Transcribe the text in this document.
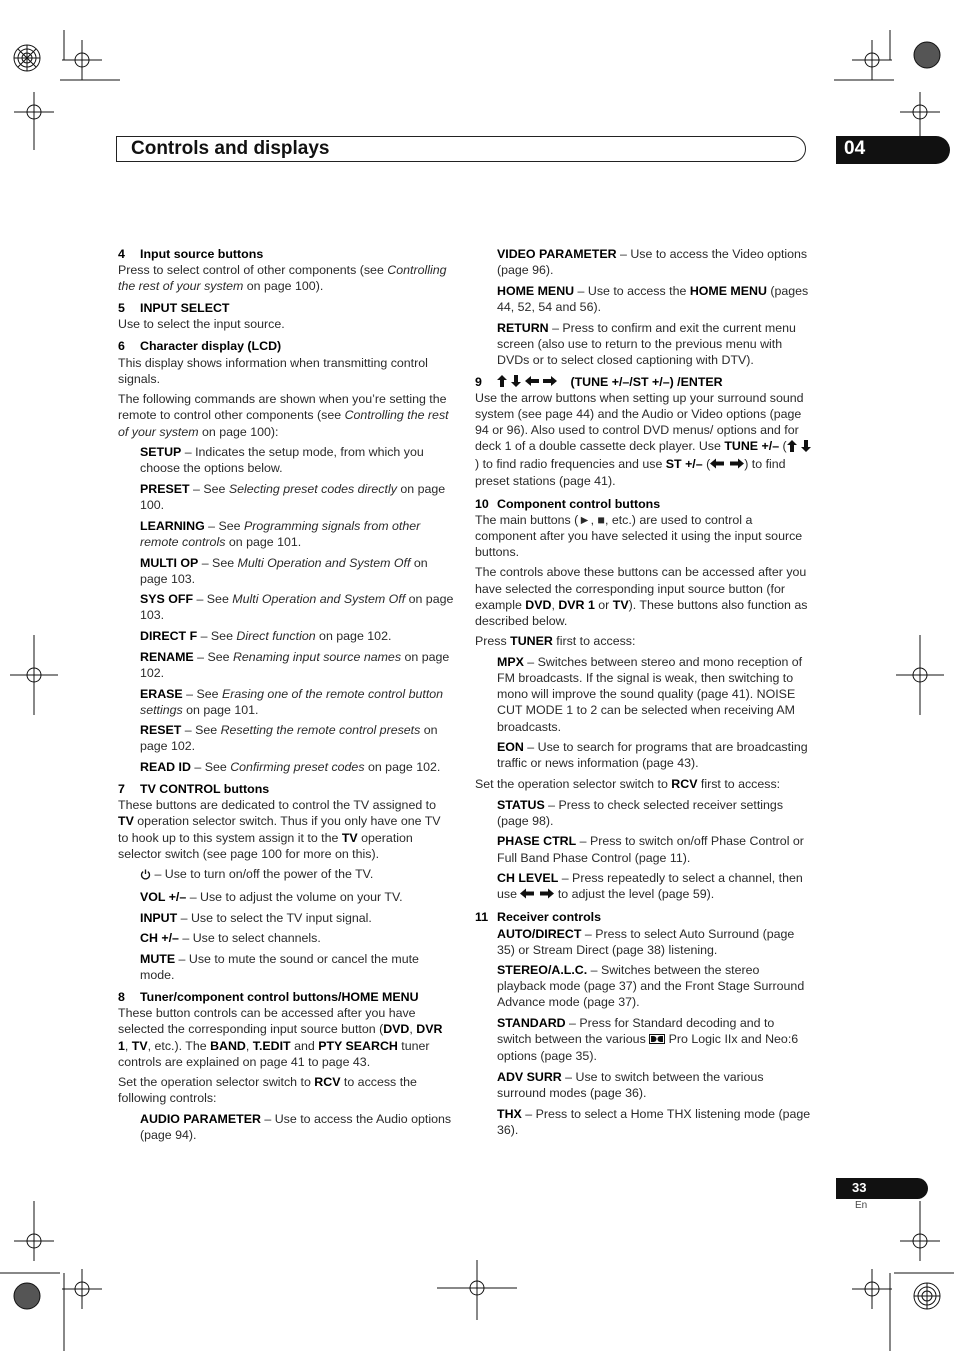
Controls and displays	04

4 Input source buttons

Press to select control of other components (see Controlling the rest of your system on page 100).

5 INPUT SELECT

Use to select the input source.

6 Character display (LCD)

This display shows information when transmitting control signals.

The following commands are shown when you’re setting the remote to control other components (see Controlling the rest of your system on page 100):

SETUP – Indicates the setup mode, from which you choose the options below.

PRESET – See Selecting preset codes directly on page 100.

LEARNING – See Programming signals from other remote controls on page 101.

MULTI OP – See Multi Operation and System Off on page 103.

SYS OFF – See Multi Operation and System Off on page 103.

DIRECT F – See Direct function on page 102.

RENAME – See Renaming input source names on page 102.

ERASE – See Erasing one of the remote control button settings on page 101.

RESET – See Resetting the remote control presets on page 102.

READ ID – See Confirming preset codes on page 102.

7 TV CONTROL buttons

These buttons are dedicated to control the TV assigned to TV operation selector switch. Thus if you only have one TV to hook up to this system assign it to the TV operation selector switch (see page 100 for more on this).

– Use to turn on/off the power of the TV.

VOL +/– – Use to adjust the volume on your TV.

INPUT – Use to select the TV input signal.

CH +/– – Use to select channels.

MUTE – Use to mute the sound or cancel the mute mode.

8 Tuner/component control buttons/HOME MENU

These button controls can be accessed after you have selected the corresponding input source button (DVD, DVR 1, TV, etc.). The BAND, T.EDIT and PTY SEARCH tuner controls are explained on page 41 to page 43.

Set the operation selector switch to RCV to access the following controls:

AUDIO PARAMETER – Use to access the Audio options (page 94).

VIDEO PARAMETER – Use to access the Video options (page 96).

HOME MENU – Use to access the HOME MENU (pages 44, 52, 54 and 56).

RETURN – Press to confirm and exit the current menu screen (also use to return to the previous menu with DVDs or to select closed captioning with DTV).

9	(TUNE +/–/ST +/–) /ENTER

Use the arrow buttons when setting up your surround sound system (see page 44) and the Audio or Video options (page 94 or 96). Also used to control DVD menus/ options and for deck 1 of a double cassette deck player. Use TUNE +/– () to find radio frequencies and use ST +/– (	) to find preset stations (page 41).

10 Component control buttons

The main buttons (►, ■, etc.) are used to control a component after you have selected it using the input source buttons.

The controls above these buttons can be accessed after you have selected the corresponding input source button (for example DVD, DVR 1 or TV). These buttons also function as described below.

Press TUNER first to access:

MPX – Switches between stereo and mono reception of FM broadcasts. If the signal is weak, then switching to mono will improve the sound quality (page 41). NOISE CUT MODE 1 to 2 can be selected when receiving AM broadcasts.

EON – Use to search for programs that are broadcasting traffic or news information (page 43).

Set the operation selector switch to RCV first to access:

STATUS – Press to check selected receiver settings (page 98).

PHASE CTRL – Press to switch on/off Phase Control or Full Band Phase Control (page 11).

CH LEVEL – Press repeatedly to select a channel, then use	to adjust the level (page 59).

11 Receiver controls

AUTO/DIRECT – Press to select Auto Surround (page 35) or Stream Direct (page 38) listening.

STEREO/A.L.C. – Switches between the stereo playback mode (page 37) and the Front Stage Surround Advance mode (page 37).

STANDARD – Press for Standard decoding and to switch between the various  Pro Logic IIx and Neo:6 options (page 35).

ADV SURR – Use to switch between the various surround modes (page 36).

THX – Press to select a Home THX listening mode (page 36).

33
En
